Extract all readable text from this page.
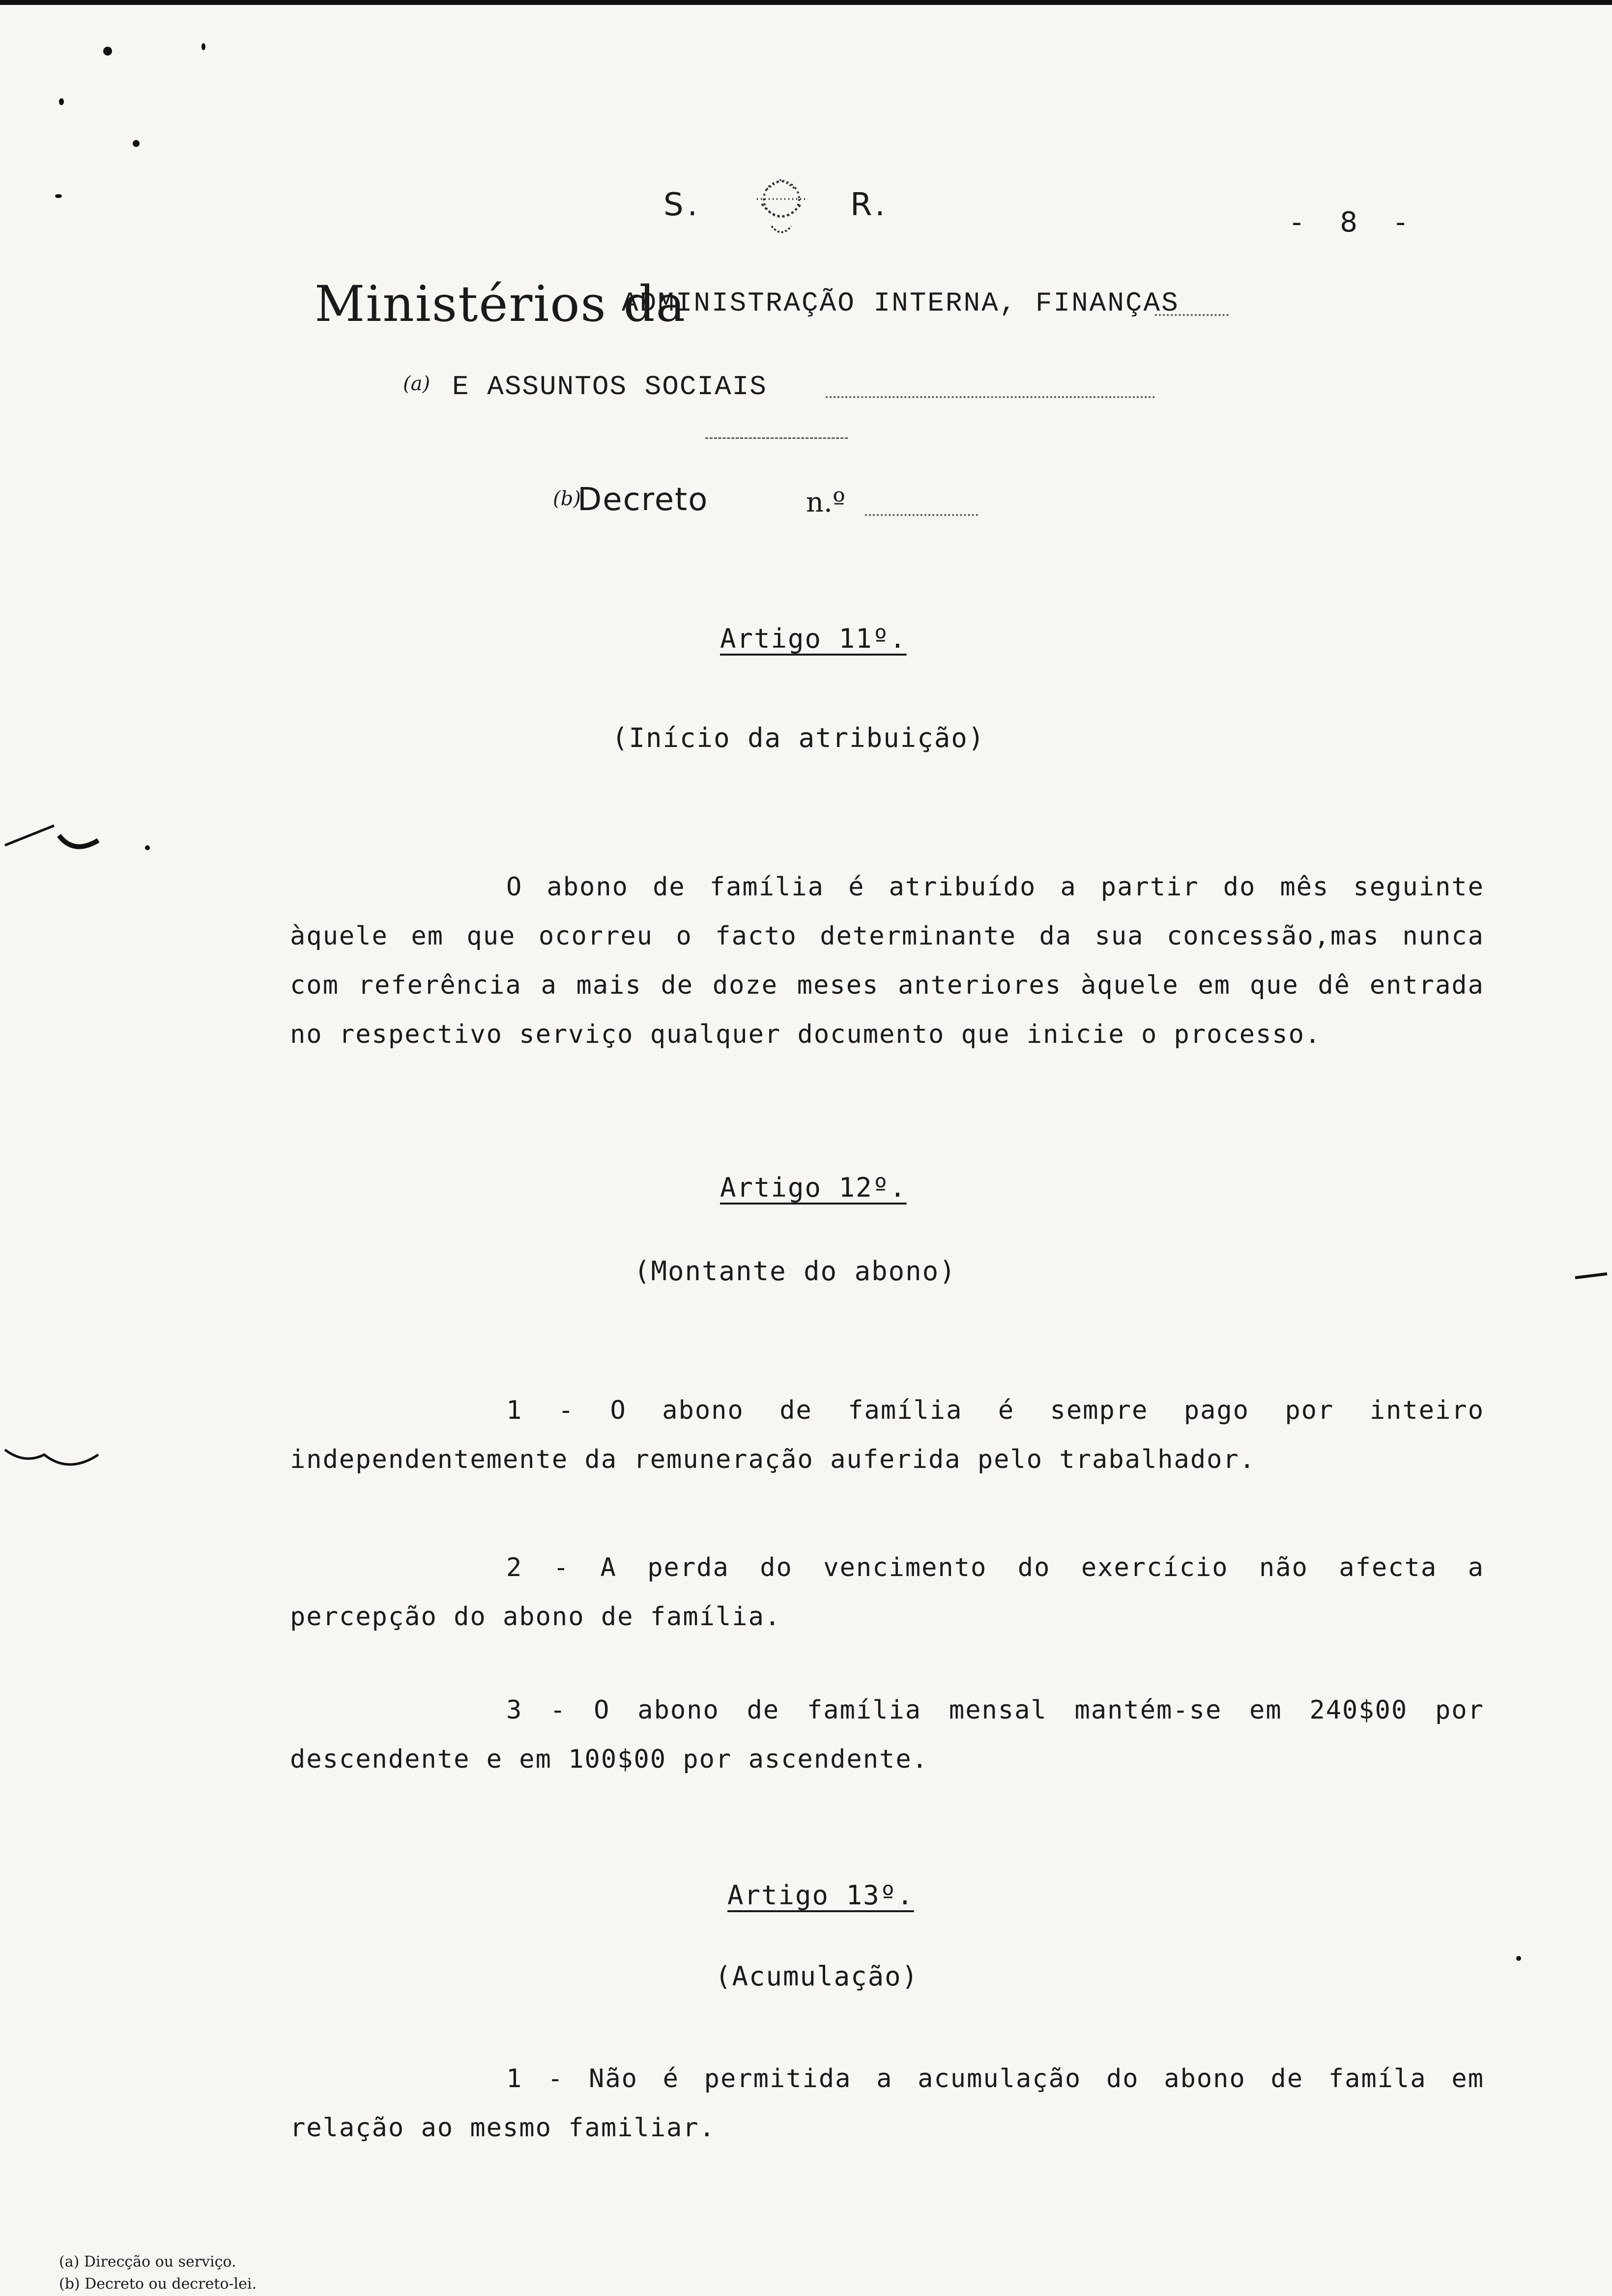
S.	R.	- 8 -
Ministérios da
ADMINISTRAÇÃO INTERNA, FINANÇAS
(a) E ASSUNTOS SOCIAIS
(b)
Decreto	n.º
Artigo 11º.
(Início da atribuição)
O abono de família é atribuído a partir do mês seguinte àquele em que ocorreu o facto determinante da sua concessão,mas nunca com referência a mais de doze meses anteriores àquele em que dê entrada no respectivo serviço qualquer documento que inicie o processo.
Artigo 12º.
(Montante do abono)
1 - O abono de família é sempre pago por inteiro independentemente da remuneração auferida pelo trabalhador.
2 - A perda do vencimento do exercício não afecta a percepção do abono de família.
3 - O abono de família mensal mantém-se em 240$00 por descendente e em 100$00 por ascendente.
Artigo 13º.
(Acumulação)
1 - Não é permitida a acumulação do abono de famíla em relação ao mesmo familiar.
(a) Direcção ou serviço.
(b) Decreto ou decreto-lei.
